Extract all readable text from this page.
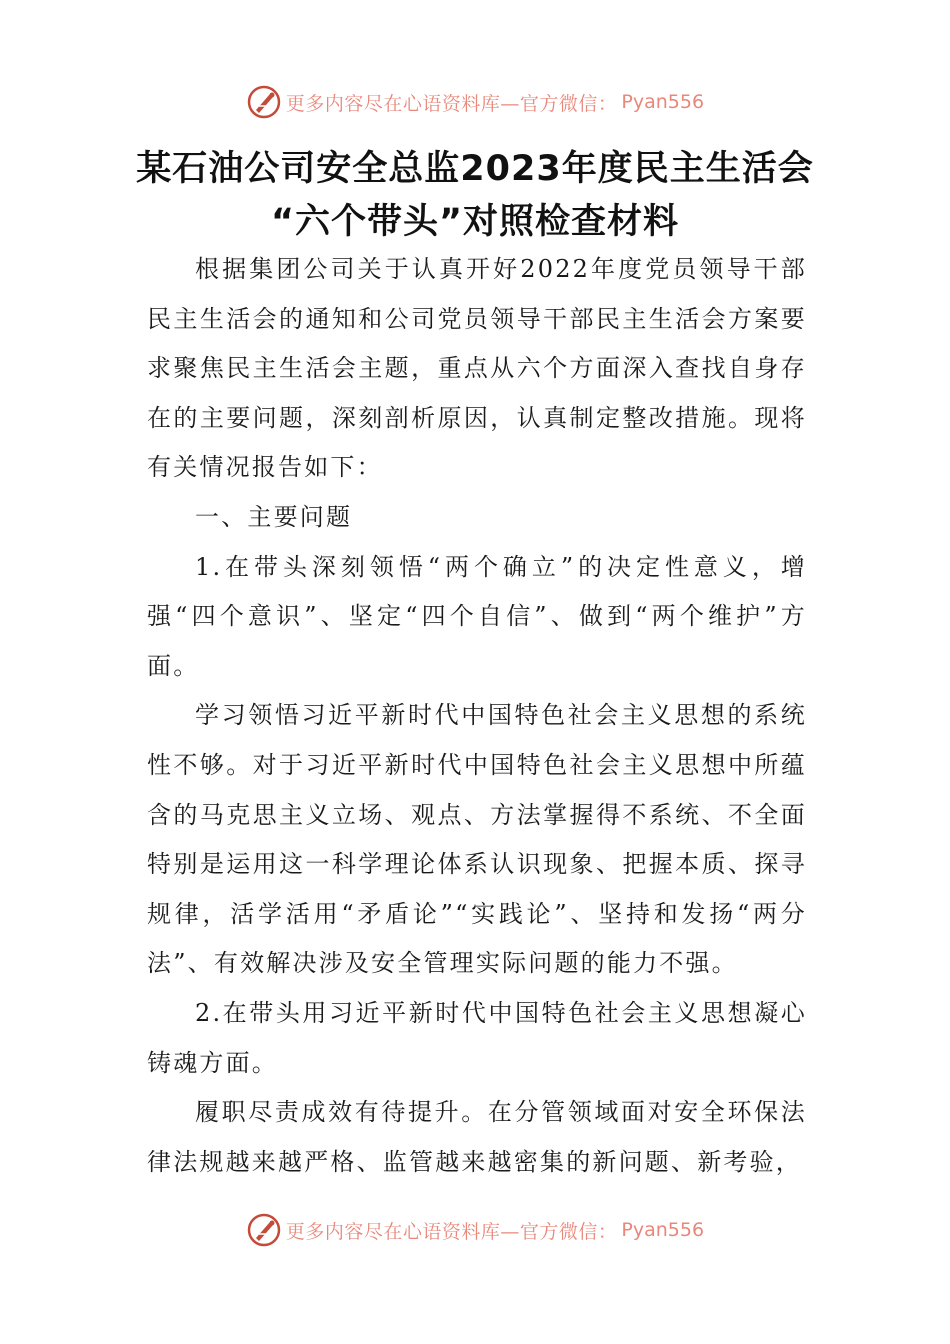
更多内容尽在心语资料库—官方微信： Pyan556
某石油公司安全总监2023年度民主生活会
“六个带头”对照检查材料

根据集团公司关于认真开好2022年度党员领导干部民主生活会的通知和公司党员领导干部民主生活会方案要求聚焦民主生活会主题，重点从六个方面深入查找自身存在的主要问题，深刻剖析原因，认真制定整改措施。现将有关情况报告如下：

一、主要问题

1.在带头深刻领悟“两个确立”的决定性意义，增强“四个意识”、坚定“四个自信”、做到“两个维护”方面。

学习领悟习近平新时代中国特色社会主义思想的系统性不够。对于习近平新时代中国特色社会主义思想中所蕴含的马克思主义立场、观点、方法掌握得不系统、不全面特别是运用这一科学理论体系认识现象、把握本质、探寻规律，活学活用“矛盾论”“实践论”、坚持和发扬“两分法”、有效解决涉及安全管理实际问题的能力不强。

2.在带头用习近平新时代中国特色社会主义思想凝心铸魂方面。

履职尽责成效有待提升。在分管领域面对安全环保法律法规越来越严格、监管越来越密集的新问题、新考验，

更多内容尽在心语资料库—官方微信： Pyan556
